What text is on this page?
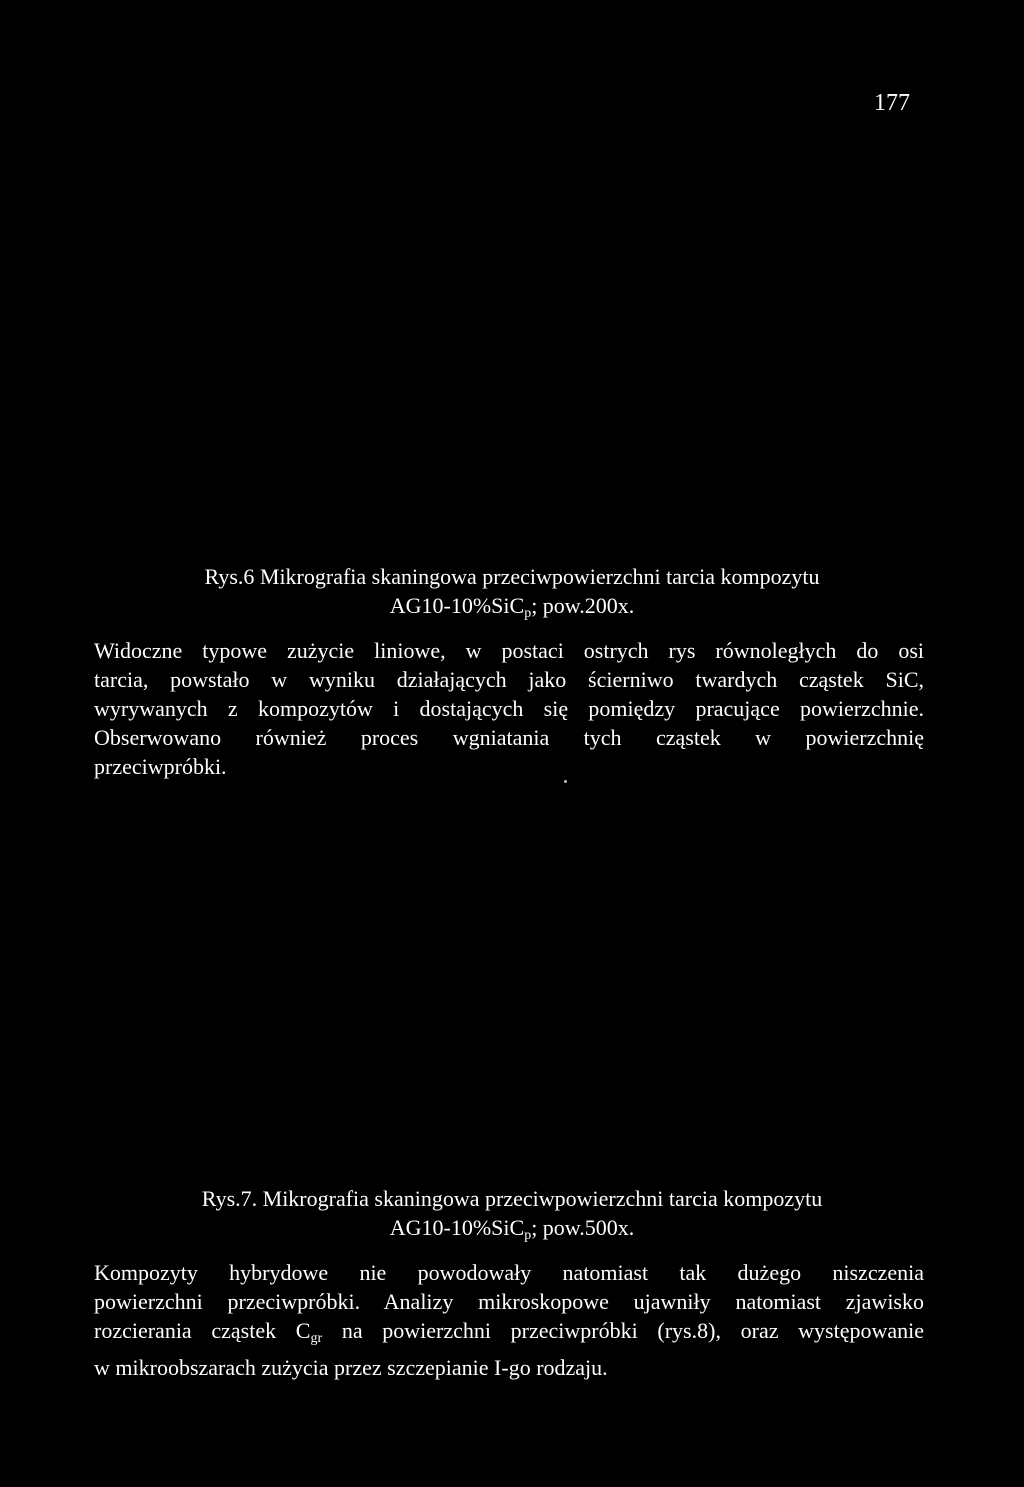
177
Rys.6 Mikrografia skaningowa przeciwpowierzchni tarcia kompozytu
AG10-10%SiC$_p$; pow.200x.
Widoczne typowe zużycie liniowe, w postaci ostrych rys równoległych do osi
tarcia, powstało w wyniku działających jako ścierniwo twardych cząstek SiC,
wyrywanych z kompozytów i dostających się pomiędzy pracujące powierzchnie.
Obserwowano również proces wgniatania tych cząstek w powierzchnię
przeciwpróbki.
Rys.7. Mikrografia skaningowa przeciwpowierzchni tarcia kompozytu
AG10-10%SiC$_p$; pow.500x.
Kompozyty hybrydowe nie powodowały natomiast tak dużego niszczenia
powierzchni przeciwpróbki. Analizy mikroskopowe ujawniły natomiast zjawisko
rozcierania cząstek $C_{gr}$ na powierzchni przeciwpróbki (rys.8), oraz występowanie
w mikroobszarach zużycia przez szczepianie I-go rodzaju.
